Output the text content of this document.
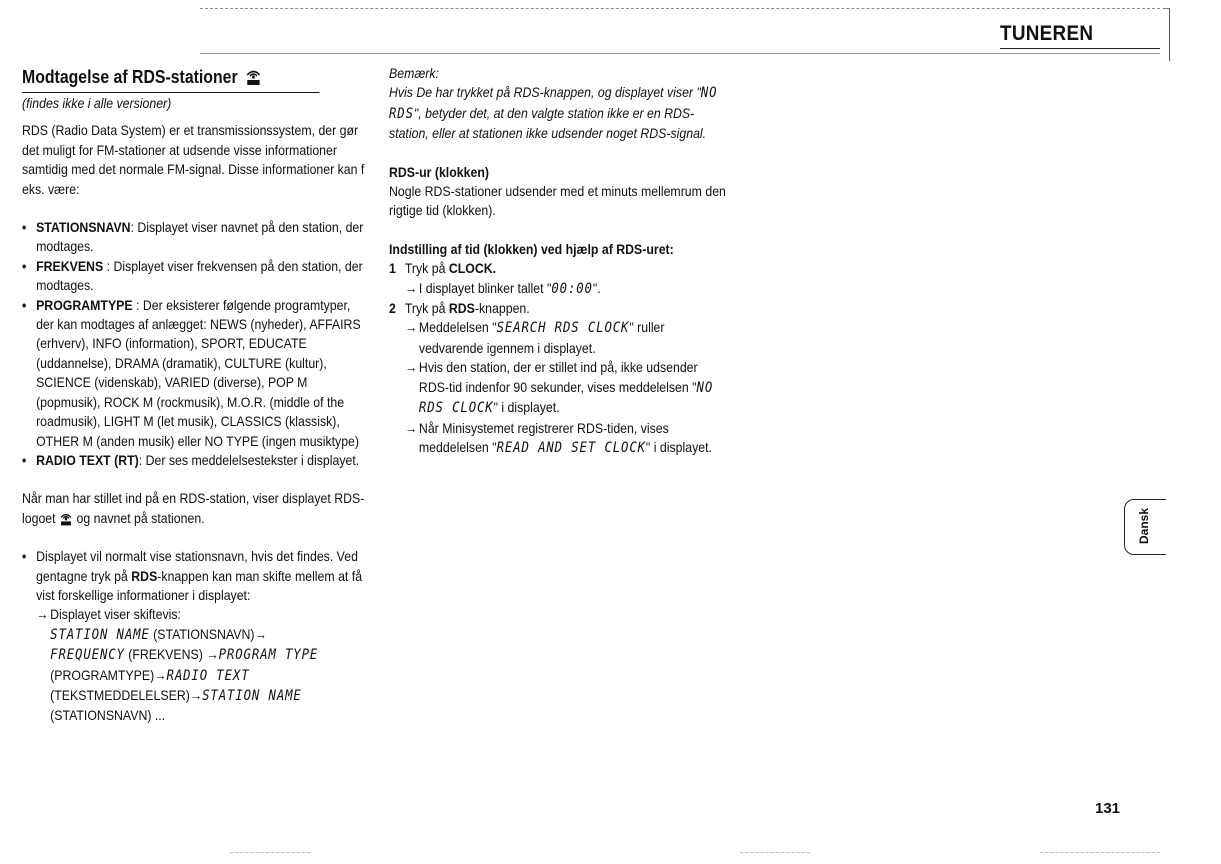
TUNEREN
Modtagelse af RDS-stationer
(findes ikke i alle versioner)

RDS (Radio Data System) er et transmissionssystem, der gør det muligt for FM-stationer at udsende visse informationer samtidig med det normale FM-signal. Disse informationer kan f eks. være:

• STATIONSNAVN: Displayet viser navnet på den station, der modtages.
• FREKVENS : Displayet viser frekvensen på den station, der modtages.
• PROGRAMTYPE : Der eksisterer følgende programtyper, der kan modtages af anlægget: NEWS (nyheder), AFFAIRS (erhverv), INFO (information), SPORT, EDUCATE (uddannelse), DRAMA (dramatik), CULTURE (kultur), SCIENCE (videnskab), VARIED (diverse), POP M (popmusik), ROCK M (rockmusik), M.O.R. (middle of the roadmusik), LIGHT M (let musik), CLASSICS (klassisk), OTHER M (anden musik) eller NO TYPE (ingen musiktype)
• RADIO TEXT (RT): Der ses meddelelsestekster i displayet.

Når man har stillet ind på en RDS-station, viser displayet RDS-logoet og navnet på stationen.

• Displayet vil normalt vise stationsnavn, hvis det findes. Ved gentagne tryk på RDS-knappen kan man skifte mellem at få vist forskellige informationer i displayet:
→ Displayet viser skiftevis:
STATION NAME (STATIONSNAVN)→
FREQUENCY (FREKVENS) →PROGRAM TYPE
(PROGRAMTYPE)→RADIO TEXT
(TEKSTMEDDELELSER)→STATION NAME
(STATIONSNAVN) ...
Bemærk:
Hvis De har trykket på RDS-knappen, og displayet viser "NO RDS", betyder det, at den valgte station ikke er en RDS-station, eller at stationen ikke udsender noget RDS-signal.
RDS-ur (klokken)

Nogle RDS-stationer udsender med et minuts mellemrum den rigtige tid (klokken).

Indstilling af tid (klokken) ved hjælp af RDS-uret:
1 Tryk på CLOCK.
→ I displayet blinker tallet "00:00".
2 Tryk på RDS-knappen.
→ Meddelelsen "SEARCH RDS CLOCK" ruller vedvarende igennem i displayet.
→ Hvis den station, der er stillet ind på, ikke udsender RDS-tid indenfor 90 sekunder, vises meddelelsen "NO RDS CLOCK" i displayet.
→ Når Minisystemet registrerer RDS-tiden, vises meddelelsen "READ AND SET CLOCK" i displayet.
Dansk
131
